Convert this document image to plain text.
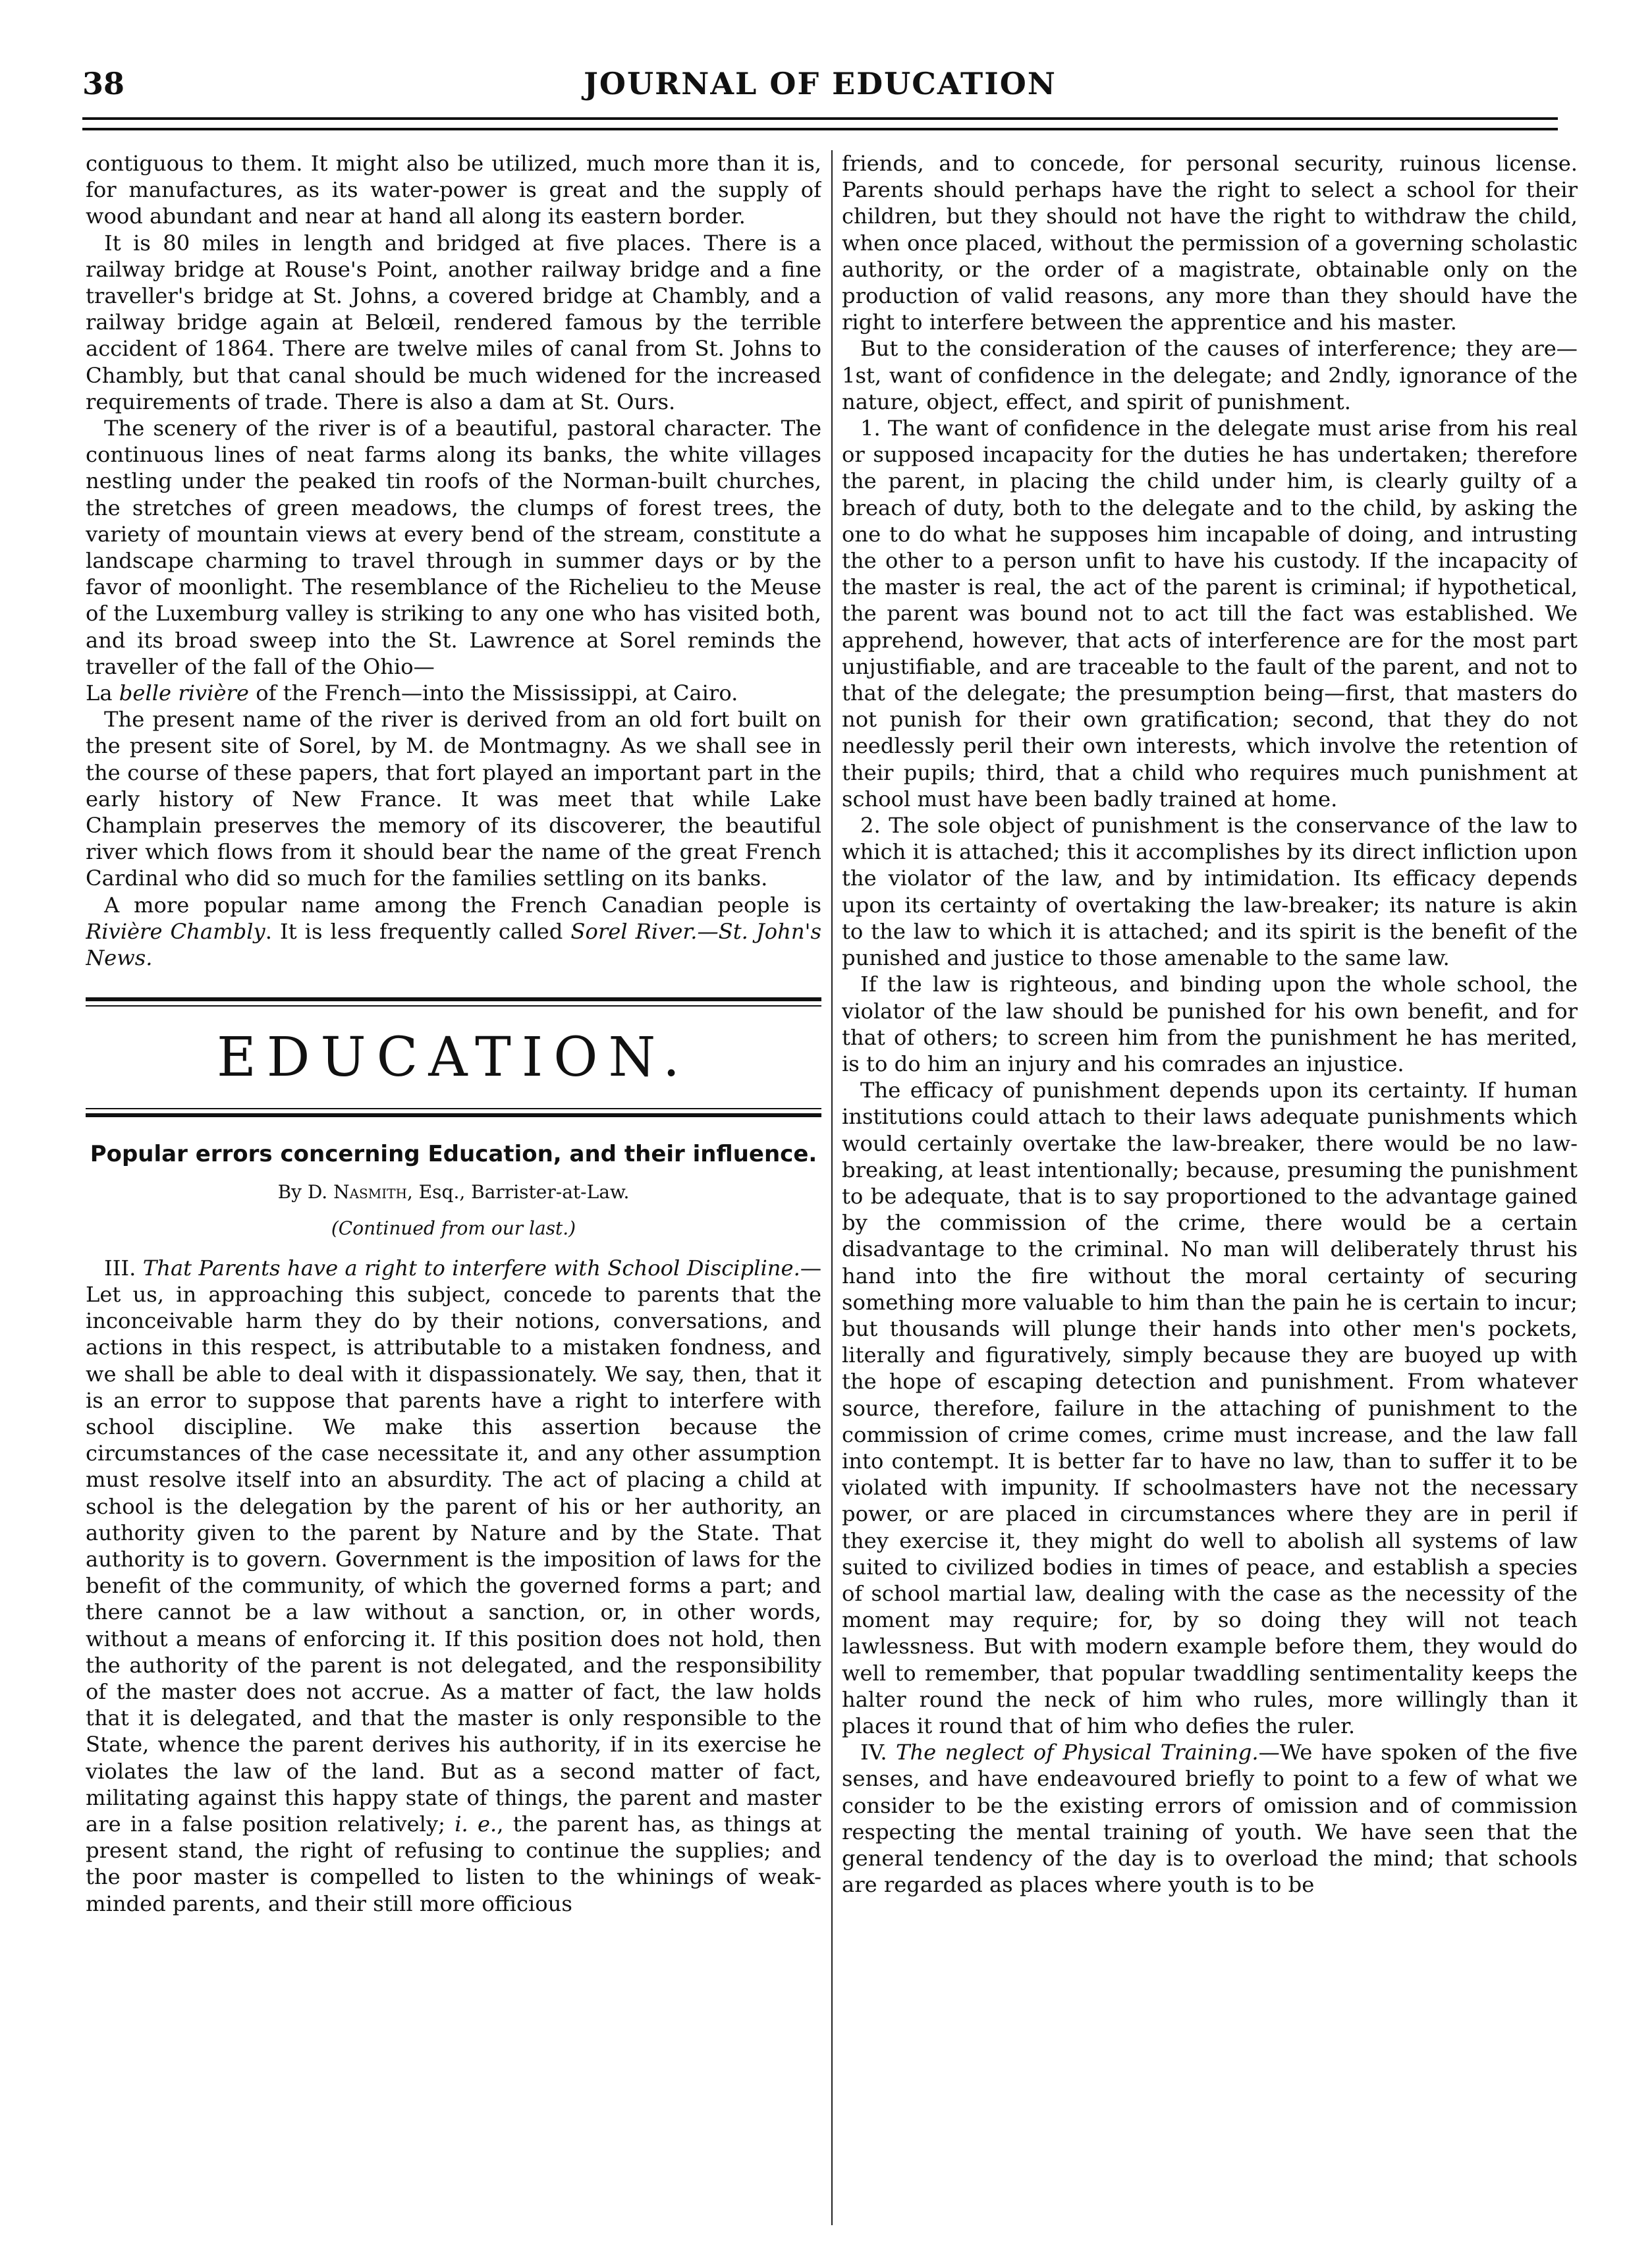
38	JOURNAL OF EDUCATION

contiguous to them. It might also be utilized, much more than it is, for manufactures, as its water-power is great and the supply of wood abundant and near at hand all along its eastern border.

It is 80 miles in length and bridged at five places. There is a railway bridge at Rouse's Point, another railway bridge and a fine traveller's bridge at St. Johns, a covered bridge at Chambly, and a railway bridge again at Belœil, rendered famous by the terrible accident of 1864. There are twelve miles of canal from St. Johns to Chambly, but that canal should be much widened for the increased requirements of trade. There is also a dam at St. Ours.

The scenery of the river is of a beautiful, pastoral character. The continuous lines of neat farms along its banks, the white villages nestling under the peaked tin roofs of the Norman-built churches, the stretches of green meadows, the clumps of forest trees, the variety of mountain views at every bend of the stream, constitute a landscape charming to travel through in summer days or by the favor of moonlight. The resemblance of the Richelieu to the Meuse of the Luxemburg valley is striking to any one who has visited both, and its broad sweep into the St. Lawrence at Sorel reminds the traveller of the fall of the Ohio—

La belle rivière of the French—into the Mississippi, at Cairo.

The present name of the river is derived from an old fort built on the present site of Sorel, by M. de Montmagny. As we shall see in the course of these papers, that fort played an important part in the early history of New France. It was meet that while Lake Champlain preserves the memory of its discoverer, the beautiful river which flows from it should bear the name of the great French Cardinal who did so much for the families settling on its banks.

A more popular name among the French Canadian people is Rivière Chambly. It is less frequently called Sorel River.—St. John's News.

EDUCATION.
Popular errors concerning Education, and their influence.
By D. Nasmith, Esq., Barrister-at-Law.
(Continued from our last.)

III. That Parents have a right to interfere with School Discipline.—Let us, in approaching this subject, concede to parents that the inconceivable harm they do by their notions, conversations, and actions in this respect, is attributable to a mistaken fondness, and we shall be able to deal with it dispassionately. We say, then, that it is an error to suppose that parents have a right to interfere with school discipline. We make this assertion because the circumstances of the case necessitate it, and any other assumption must resolve itself into an absurdity. The act of placing a child at school is the delegation by the parent of his or her authority, an authority given to the parent by Nature and by the State. That authority is to govern. Government is the imposition of laws for the benefit of the community, of which the governed forms a part; and there cannot be a law without a sanction, or, in other words, without a means of enforcing it. If this position does not hold, then the authority of the parent is not delegated, and the responsibility of the master does not accrue. As a matter of fact, the law holds that it is delegated, and that the master is only responsible to the State, whence the parent derives his authority, if in its exercise he violates the law of the land. But as a second matter of fact, militating against this happy state of things, the parent and master are in a false position relatively; i. e., the parent has, as things at present stand, the right of refusing to continue the supplies; and the poor master is compelled to listen to the whinings of weak-minded parents, and their still more officious

friends, and to concede, for personal security, ruinous license. Parents should perhaps have the right to select a school for their children, but they should not have the right to withdraw the child, when once placed, without the permission of a governing scholastic authority, or the order of a magistrate, obtainable only on the production of valid reasons, any more than they should have the right to interfere between the apprentice and his master.

But to the consideration of the causes of interference; they are—1st, want of confidence in the delegate; and 2ndly, ignorance of the nature, object, effect, and spirit of punishment.

1. The want of confidence in the delegate must arise from his real or supposed incapacity for the duties he has undertaken; therefore the parent, in placing the child under him, is clearly guilty of a breach of duty, both to the delegate and to the child, by asking the one to do what he supposes him incapable of doing, and intrusting the other to a person unfit to have his custody. If the incapacity of the master is real, the act of the parent is criminal; if hypothetical, the parent was bound not to act till the fact was established. We apprehend, however, that acts of interference are for the most part unjustifiable, and are traceable to the fault of the parent, and not to that of the delegate; the presumption being—first, that masters do not punish for their own gratification; second, that they do not needlessly peril their own interests, which involve the retention of their pupils; third, that a child who requires much punishment at school must have been badly trained at home.

2. The sole object of punishment is the conservance of the law to which it is attached; this it accomplishes by its direct infliction upon the violator of the law, and by intimidation. Its efficacy depends upon its certainty of overtaking the law-breaker; its nature is akin to the law to which it is attached; and its spirit is the benefit of the punished and justice to those amenable to the same law.

If the law is righteous, and binding upon the whole school, the violator of the law should be punished for his own benefit, and for that of others; to screen him from the punishment he has merited, is to do him an injury and his comrades an injustice.

The efficacy of punishment depends upon its certainty. If human institutions could attach to their laws adequate punishments which would certainly overtake the law-breaker, there would be no law-breaking, at least intentionally; because, presuming the punishment to be adequate, that is to say proportioned to the advantage gained by the commission of the crime, there would be a certain disadvantage to the criminal. No man will deliberately thrust his hand into the fire without the moral certainty of securing something more valuable to him than the pain he is certain to incur; but thousands will plunge their hands into other men's pockets, literally and figuratively, simply because they are buoyed up with the hope of escaping detection and punishment. From whatever source, therefore, failure in the attaching of punishment to the commission of crime comes, crime must increase, and the law fall into contempt. It is better far to have no law, than to suffer it to be violated with impunity. If schoolmasters have not the necessary power, or are placed in circumstances where they are in peril if they exercise it, they might do well to abolish all systems of law suited to civilized bodies in times of peace, and establish a species of school martial law, dealing with the case as the necessity of the moment may require; for, by so doing they will not teach lawlessness. But with modern example before them, they would do well to remember, that popular twaddling sentimentality keeps the halter round the neck of him who rules, more willingly than it places it round that of him who defies the ruler.

IV. The neglect of Physical Training.—We have spoken of the five senses, and have endeavoured briefly to point to a few of what we consider to be the existing errors of omission and of commission respecting the mental training of youth. We have seen that the general tendency of the day is to overload the mind; that schools are regarded as places where youth is to be
